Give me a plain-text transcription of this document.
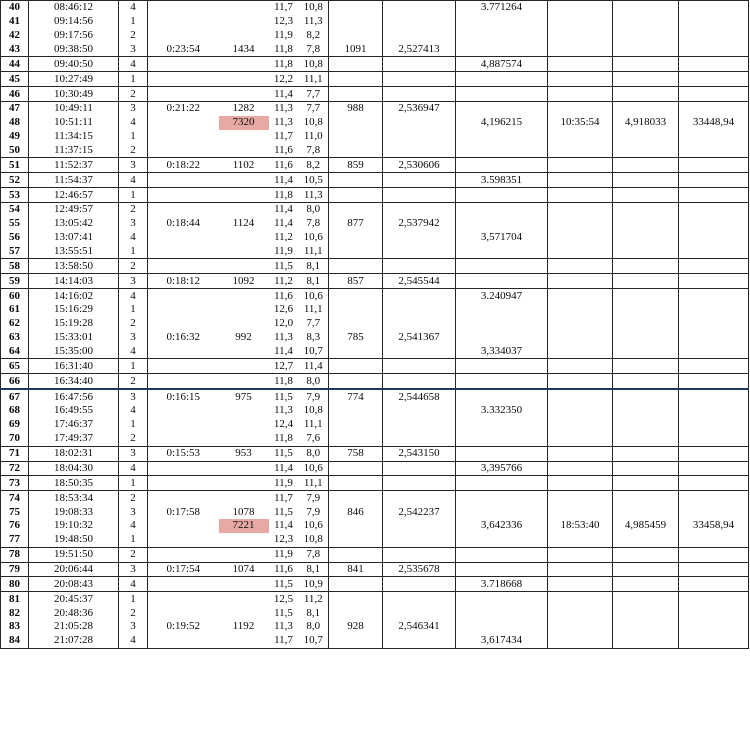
40	08:46:12	4			11,7	10,8			3.771264			
41	09:14:56	1			12,3	11,3						
42	09:17:56	2			11,9	8,2						
43	09:38:50	3	0:23:54	1434	11,8	7,8	1091	2,527413				
44	09:40:50	4			11,8	10,8			4,887574			
45	10:27:49	1			12,2	11,1						
46	10:30:49	2			11,4	7,7						
47	10:49:11	3	0:21:22	1282	11,3	7,7	988	2,536947				
48	10:51:11	4		7320	11,3	10,8			4,196215	10:35:54	4,918033	33448,94
49	11:34:15	1			11,7	11,0						
50	11:37:15	2			11,6	7,8						
51	11:52:37	3	0:18:22	1102	11,6	8,2	859	2,530606				
52	11:54:37	4			11,4	10,5			3.598351			
53	12:46:57	1			11,8	11,3						
54	12:49:57	2			11,4	8,0						
55	13:05:42	3	0:18:44	1124	11,4	7,8	877	2,537942				
56	13:07:41	4			11,2	10,6			3,571704			
57	13:55:51	1			11,9	11,1						
58	13:58:50	2			11,5	8,1						
59	14:14:03	3	0:18:12	1092	11,2	8,1	857	2,545544				
60	14:16:02	4			11,6	10,6			3.240947			
61	15:16:29	1			12,6	11,1						
62	15:19:28	2			12,0	7,7						
63	15:33:01	3	0:16:32	992	11,3	8,3	785	2,541367				
64	15:35:00	4			11,4	10,7			3,334037			
65	16:31:40	1			12,7	11,4						
66	16:34:40	2			11,8	8,0						
67	16:47:56	3	0:16:15	975	11,5	7,9	774	2,544658				
68	16:49:55	4			11,3	10,8			3.332350			
69	17:46:37	1			12,4	11,1						
70	17:49:37	2			11,8	7,6						
71	18:02:31	3	0:15:53	953	11,5	8,0	758	2,543150				
72	18:04:30	4			11,4	10,6			3,395766			
73	18:50:35	1			11,9	11,1						
74	18:53:34	2			11,7	7,9						
75	19:08:33	3	0:17:58	1078	11,5	7,9	846	2,542237				
76	19:10:32	4		7221	11,4	10,6			3,642336	18:53:40	4,985459	33458,94
77	19:48:50	1			12,3	10,8						
78	19:51:50	2			11,9	7,8						
79	20:06:44	3	0:17:54	1074	11,6	8,1	841	2,535678				
80	20:08:43	4			11,5	10,9			3.718668			
81	20:45:37	1			12,5	11,2						
82	20:48:36	2			11,5	8,1						
83	21:05:28	3	0:19:52	1192	11,3	8,0	928	2,546341				
84	21:07:28	4			11,7	10,7			3,617434			
